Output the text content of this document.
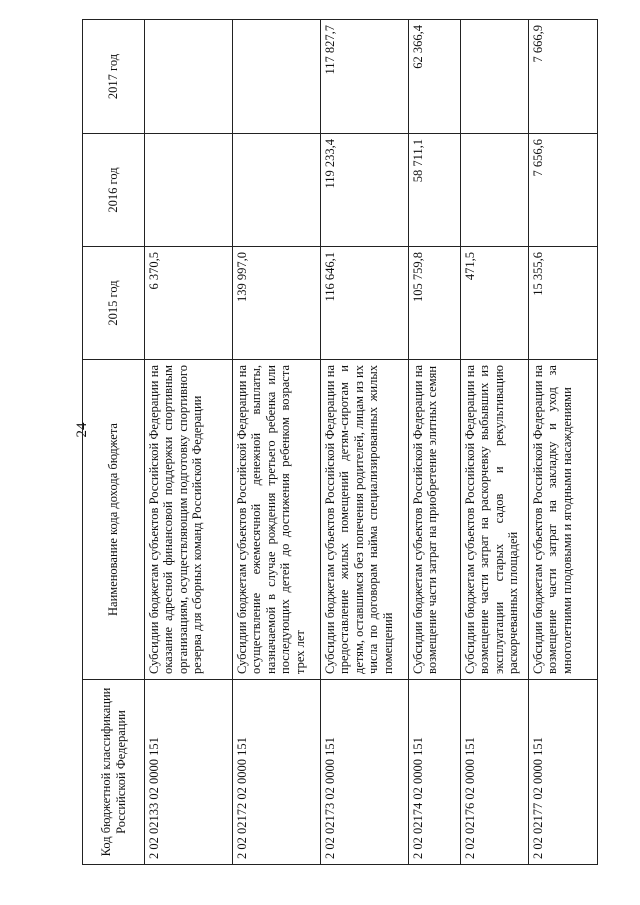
24
Код бюджетной классификации Российской Федерации	Наименование кода дохода бюджета	2015 год	2016 год	2017 год
2 02 02133 02 0000 151	Субсидии бюджетам субъектов Российской Федерации на оказание адресной финансовой поддержки спортивным организациям, осуществляющим подготовку спортивного резерва для сборных команд Российской Федерации	6 370,5		
2 02 02172 02 0000 151	Субсидии бюджетам субъектов Российской Федерации на осуществление ежемесячной денежной выплаты, назначаемой в случае рождения третьего ребенка или последующих детей до достижения ребенком возраста трех лет	139 997,0		
2 02 02173 02 0000 151	Субсидии бюджетам субъектов Российской Федерации на предоставление жилых помещений детям-сиротам и детям, оставшимся без попечения родителей, лицам из их числа по договорам найма специализированных жилых помещений	116 646,1	119 233,4	117 827,7
2 02 02174 02 0000 151	Субсидии бюджетам субъектов Российской Федерации на возмещение части затрат на приобретение элитных семян	105 759,8	58 711,1	62 366,4
2 02 02176 02 0000 151	Субсидии бюджетам субъектов Российской Федерации на возмещение части затрат на раскорчевку выбывших из эксплуатации старых садов и рекультивацию раскорчеванных площадей	471,5		
2 02 02177 02 0000 151	Субсидии бюджетам субъектов Российской Федерации на возмещение части затрат на закладку и уход за многолетними плодовыми и ягодными насаждениями	15 355,6	7 656,6	7 666,9
